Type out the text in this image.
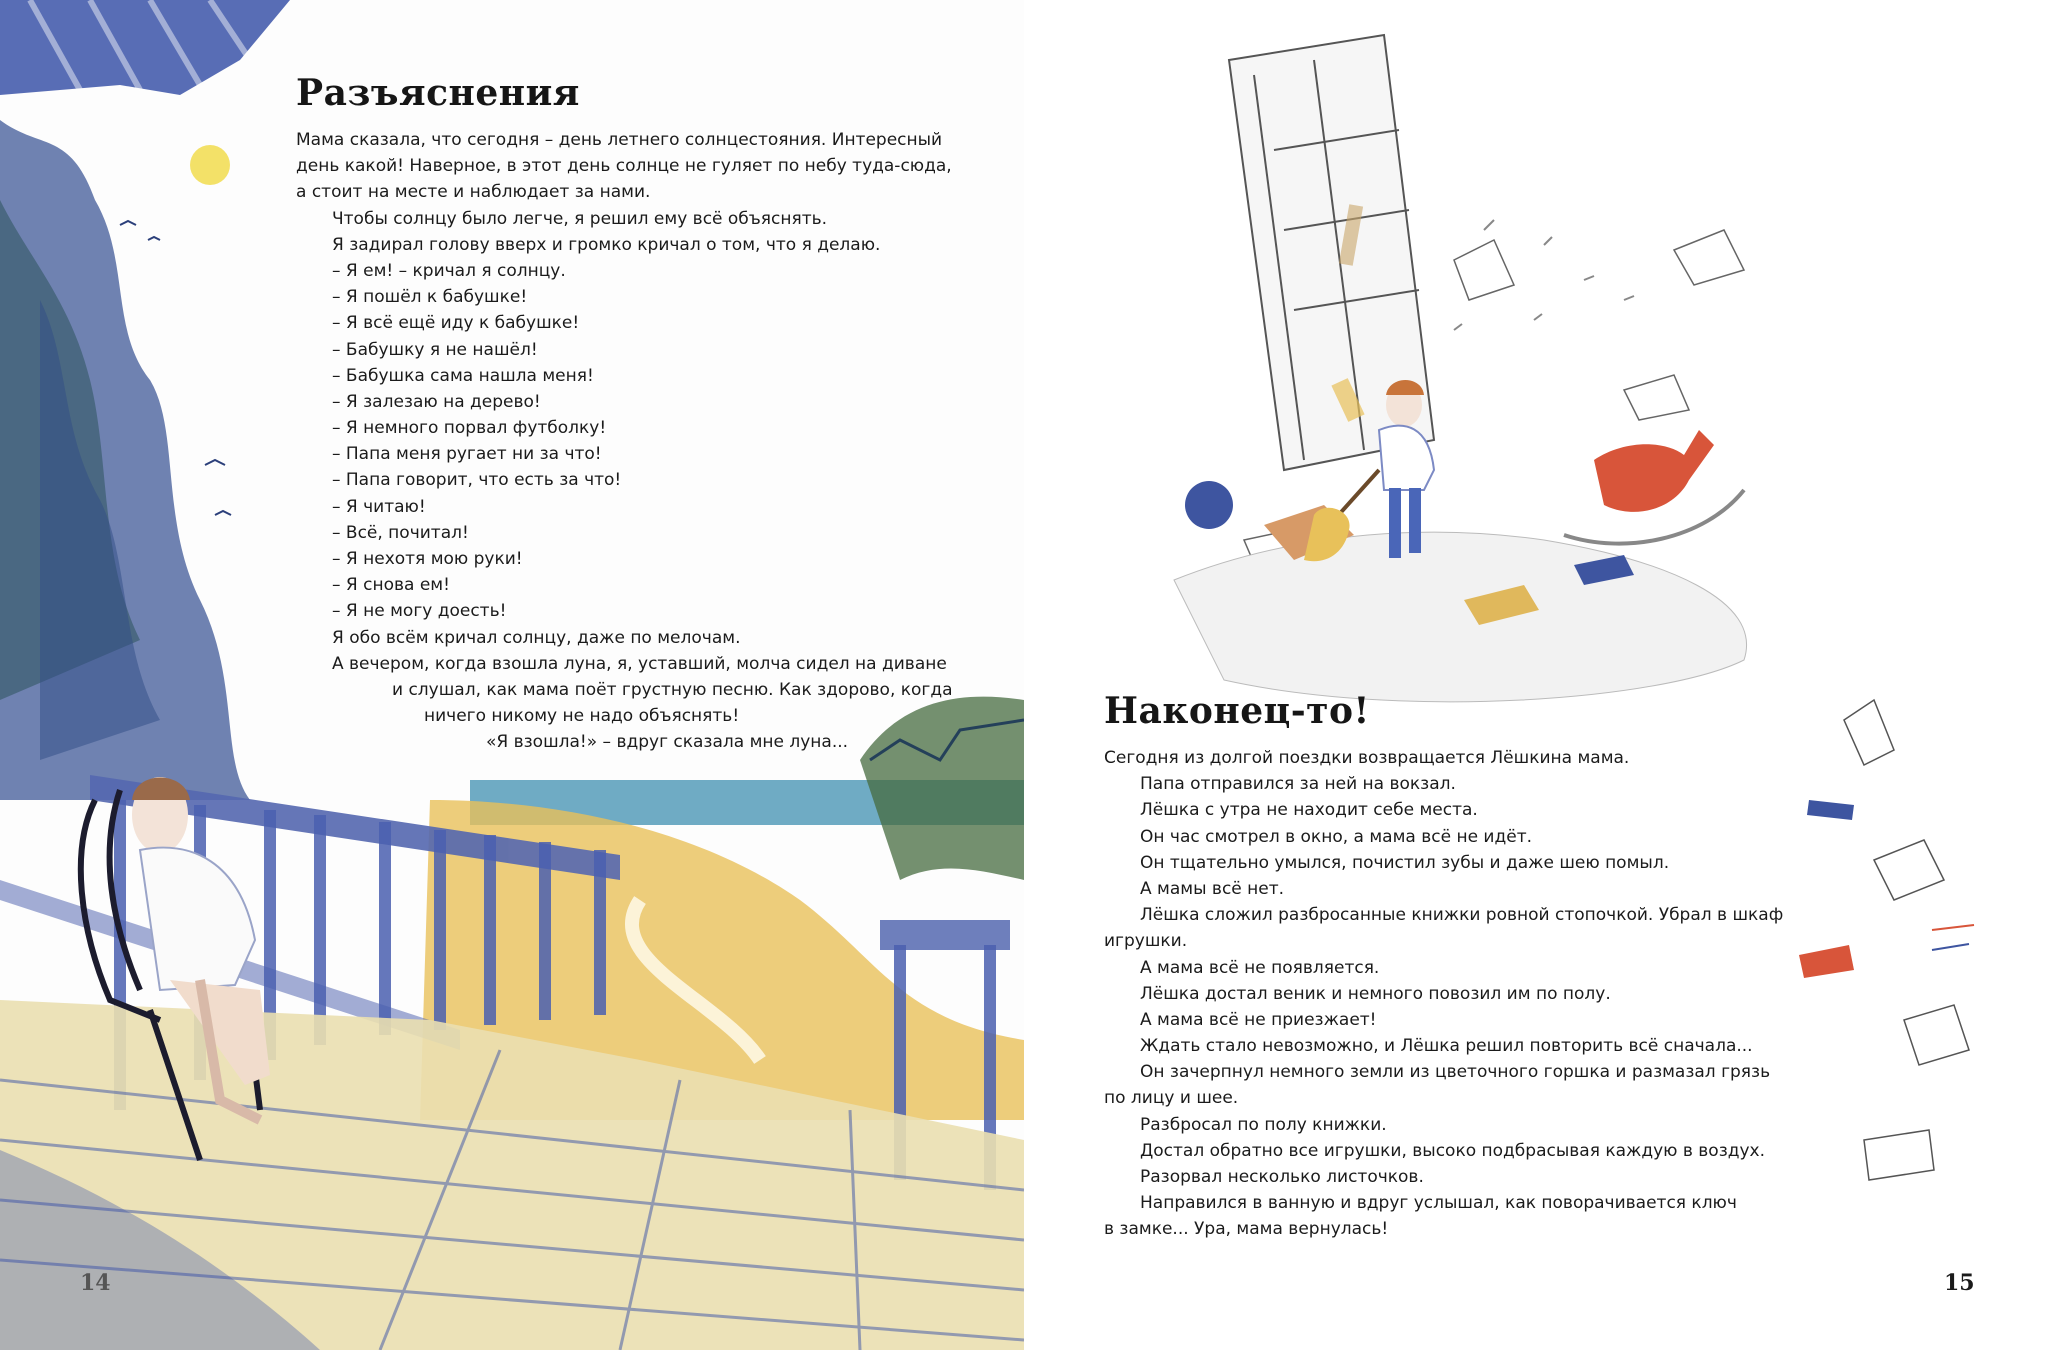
Разъяснения
Мама сказала, что сегодня – день летнего солнцестояния. Интересный
день какой! Наверное, в этот день солнце не гуляет по небу туда-сюда,
а стоит на месте и наблюдает за нами.
Чтобы солнцу было легче, я решил ему всё объяснять.
Я задирал голову вверх и громко кричал о том, что я делаю.
– Я ем! – кричал я солнцу.
– Я пошёл к бабушке!
– Я всё ещё иду к бабушке!
– Бабушку я не нашёл!
– Бабушка сама нашла меня!
– Я залезаю на дерево!
– Я немного порвал футболку!
– Папа меня ругает ни за что!
– Папа говорит, что есть за что!
– Я читаю!
– Всё, почитал!
– Я нехотя мою руки!
– Я снова ем!
– Я не могу доесть!
Я обо всём кричал солнцу, даже по мелочам.
А вечером, когда взошла луна, я, уставший, молча сидел на диване
и слушал, как мама поёт грустную песню. Как здорово, когда
ничего никому не надо объяснять!
«Я взошла!» – вдруг сказала мне луна...
14
Наконец-то!
Сегодня из долгой поездки возвращается Лёшкина мама.
Папа отправился за ней на вокзал.
Лёшка с утра не находит себе места.
Он час смотрел в окно, а мама всё не идёт.
Он тщательно умылся, почистил зубы и даже шею помыл.
А мамы всё нет.
Лёшка сложил разбросанные книжки ровной стопочкой. Убрал в шкаф
игрушки.
А мама всё не появляется.
Лёшка достал веник и немного повозил им по полу.
А мама всё не приезжает!
Ждать стало невозможно, и Лёшка решил повторить всё сначала...
Он зачерпнул немного земли из цветочного горшка и размазал грязь
по лицу и шее.
Разбросал по полу книжки.
Достал обратно все игрушки, высоко подбрасывая каждую в воздух.
Разорвал несколько листочков.
Направился в ванную и вдруг услышал, как поворачивается ключ
в замке... Ура, мама вернулась!
15
